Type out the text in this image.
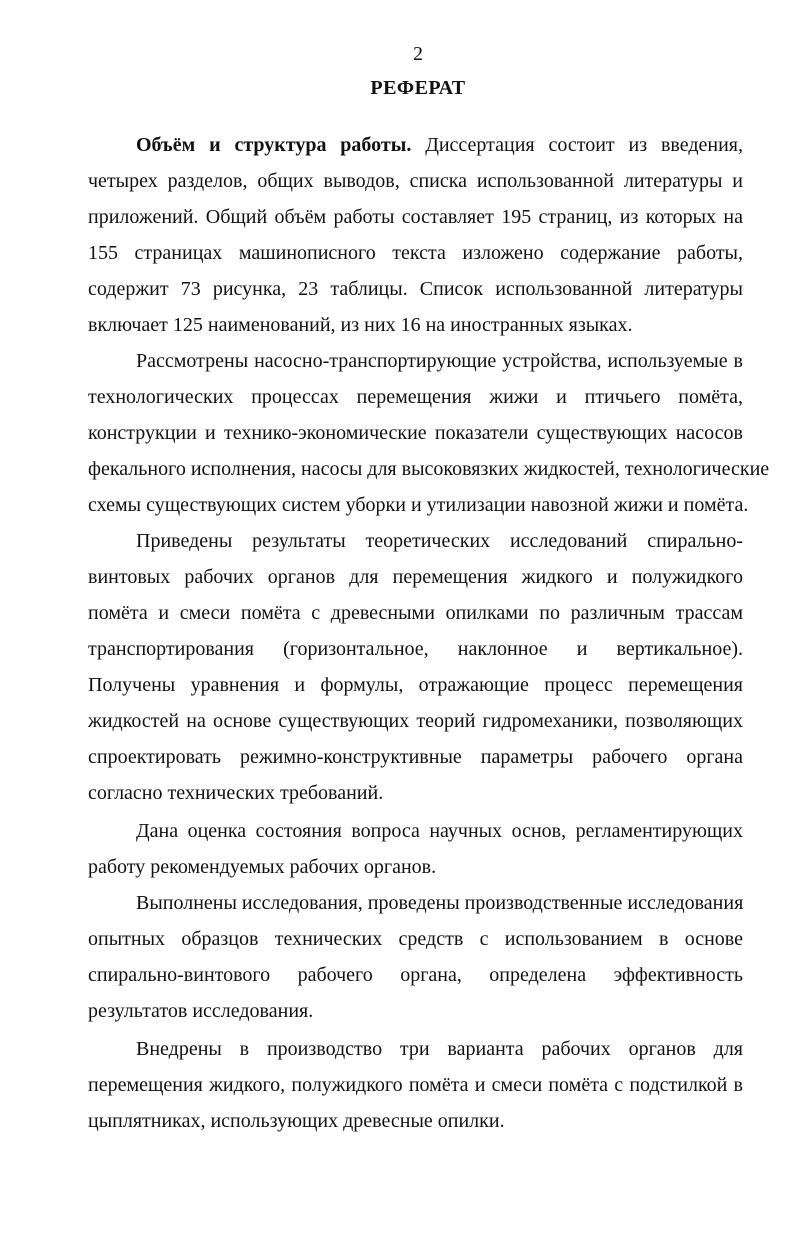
2
РЕФЕРАТ
Объём и структура работы. Диссертация состоит из введения,
четырех разделов, общих выводов, списка использованной литературы и
приложений. Общий объём работы составляет 195 страниц, из которых на
155 страницах машинописного текста изложено содержание работы,
содержит 73 рисунка, 23 таблицы. Список использованной литературы
включает 125 наименований, из них 16 на иностранных языках.
Рассмотрены насосно-транспортирующие устройства, используемые в
технологических процессах перемещения жижи и птичьего помёта,
конструкции и технико-экономические показатели существующих насосов
фекального исполнения, насосы для высоковязких жидкостей, технологические
схемы существующих систем уборки и утилизации навозной жижи и помёта.
Приведены результаты теоретических исследований спирально-
винтовых рабочих органов для перемещения жидкого и полужидкого
помёта и смеси помёта с древесными опилками по различным трассам
транспортирования (горизонтальное, наклонное и вертикальное).
Получены уравнения и формулы, отражающие процесс перемещения
жидкостей на основе существующих теорий гидромеханики, позволяющих
спроектировать режимно-конструктивные параметры рабочего органа
согласно технических требований.
Дана оценка состояния вопроса научных основ, регламентирующих
работу рекомендуемых рабочих органов.
Выполнены исследования, проведены производственные исследования
опытных образцов технических средств с использованием в основе
спирально-винтового рабочего органа, определена эффективность
результатов исследования.
Внедрены в производство три варианта рабочих органов для
перемещения жидкого, полужидкого помёта и смеси помёта с подстилкой в
цыплятниках, использующих древесные опилки.
